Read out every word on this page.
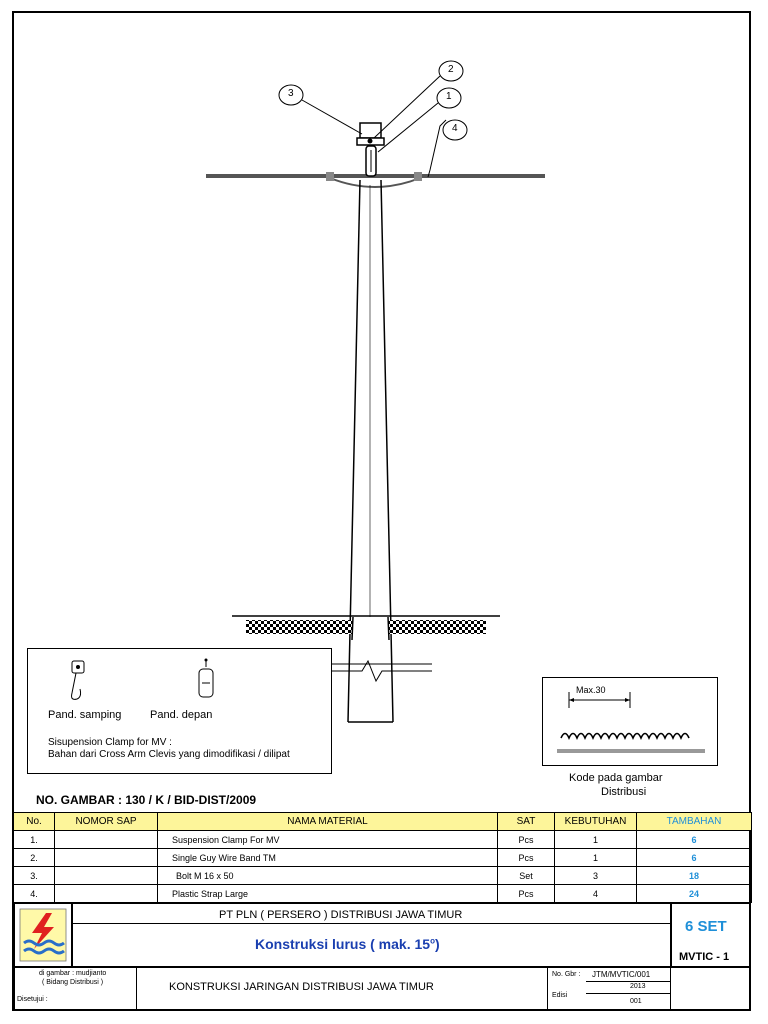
2
1
3
4
Pand. samping	Pand. depan
Sisupension Clamp for MV :
Bahan dari Cross Arm Clevis yang dimodifikasi / dilipat
Max.30
Kode pada gambar
Distribusi
NO. GAMBAR : 130 / K / BID-DIST/2009
No.	NOMOR SAP	NAMA MATERIAL	SAT	KEBUTUHAN	TAMBAHAN
1.		Suspension Clamp For MV	Pcs	1	6
2.		Single Guy Wire Band TM	Pcs	1	6
3.		Bolt M 16 x 50	Set	3	18
4.		Plastic Strap Large	Pcs	4	24
PT PLN ( PERSERO ) DISTRIBUSI JAWA TIMUR
Konstruksi lurus ( mak. 15$^o$)
6 SET
MVTIC - 1
di gambar : mudjianto
( Bidang Distribusi )
Disetujui :
KONSTRUKSI JARINGAN DISTRIBUSI JAWA TIMUR
No. Gbr : JTM/MVTIC/001
2013
Edisi
001
